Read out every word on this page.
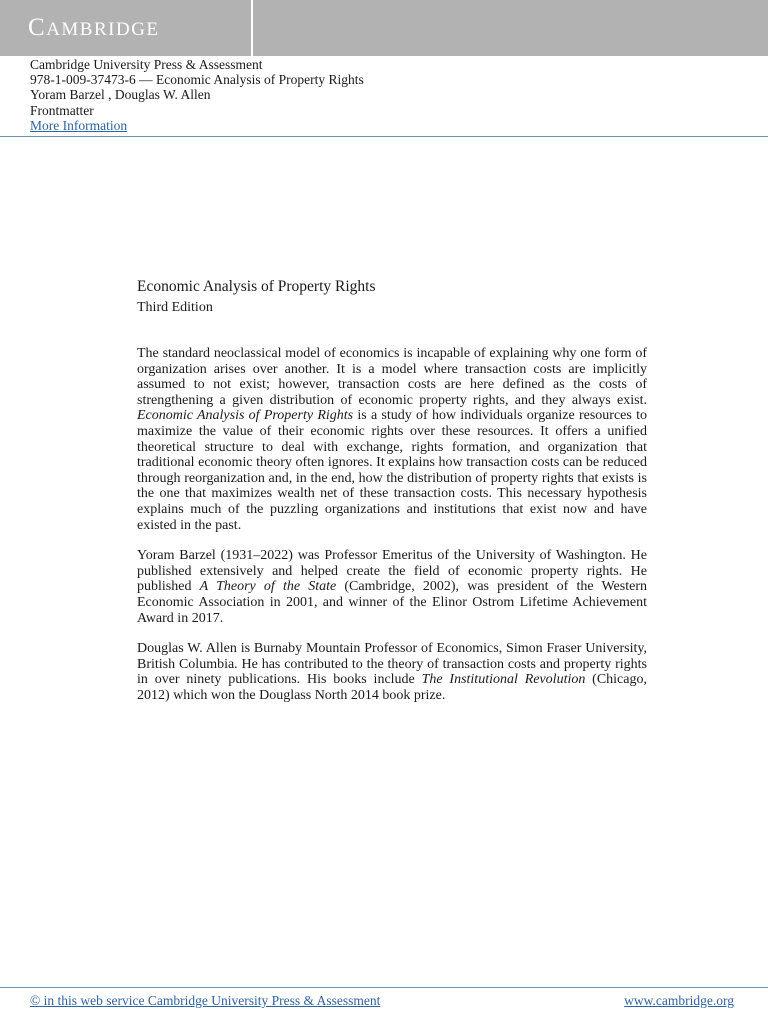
CAMBRIDGE
Cambridge University Press & Assessment
978-1-009-37473-6 — Economic Analysis of Property Rights
Yoram Barzel , Douglas W. Allen
Frontmatter
More Information
Economic Analysis of Property Rights

Third Edition

The standard neoclassical model of economics is incapable of explaining why one form of organization arises over another. It is a model where transaction costs are implicitly assumed to not exist; however, transaction costs are here defined as the costs of strengthening a given distribution of economic property rights, and they always exist. Economic Analysis of Property Rights is a study of how individuals organize resources to maximize the value of their economic rights over these resources. It offers a unified theoretical structure to deal with exchange, rights formation, and organization that traditional economic theory often ignores. It explains how transaction costs can be reduced through reorganization and, in the end, how the distribution of property rights that exists is the one that maximizes wealth net of these transaction costs. This necessary hypothesis explains much of the puzzling organizations and institutions that exist now and have existed in the past.

Yoram Barzel (1931–2022) was Professor Emeritus of the University of Washington. He published extensively and helped create the field of economic property rights. He published A Theory of the State (Cambridge, 2002), was president of the Western Economic Association in 2001, and winner of the Elinor Ostrom Lifetime Achievement Award in 2017.

Douglas W. Allen is Burnaby Mountain Professor of Economics, Simon Fraser University, British Columbia. He has contributed to the theory of transaction costs and property rights in over ninety publications. His books include The Institutional Revolution (Chicago, 2012) which won the Douglass North 2014 book prize.

© in this web service Cambridge University Press & Assessment	www.cambridge.org
